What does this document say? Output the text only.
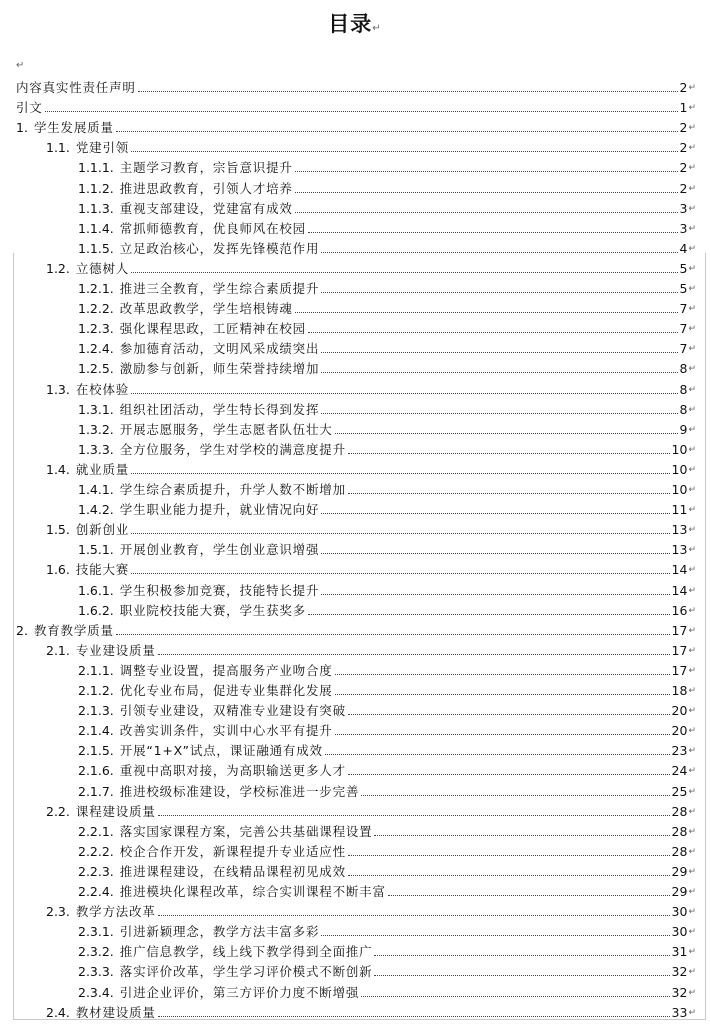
目录↵
↵
内容真实性责任声明	2 ↵
引文	1 ↵
1. 学生发展质量	2 ↵
1.1. 党建引领	2 ↵
1.1.1. 主题学习教育，宗旨意识提升	2 ↵
1.1.2. 推进思政教育，引领人才培养	2 ↵
1.1.3. 重视支部建设，党建富有成效	3 ↵
1.1.4. 常抓师德教育，优良师风在校园	3 ↵
1.1.5. 立足政治核心，发挥先锋模范作用	4 ↵
1.2. 立德树人	5 ↵
1.2.1. 推进三全教育，学生综合素质提升	5 ↵
1.2.2. 改革思政教学，学生培根铸魂	7 ↵
1.2.3. 强化课程思政，工匠精神在校园	7 ↵
1.2.4. 参加德育活动，文明风采成绩突出	7 ↵
1.2.5. 激励参与创新，师生荣誉持续增加	8 ↵
1.3. 在校体验	8 ↵
1.3.1. 组织社团活动，学生特长得到发挥	8 ↵
1.3.2. 开展志愿服务，学生志愿者队伍壮大	9 ↵
1.3.3. 全方位服务，学生对学校的满意度提升	10 ↵
1.4. 就业质量	10 ↵
1.4.1. 学生综合素质提升，升学人数不断增加	10 ↵
1.4.2. 学生职业能力提升，就业情况向好	11 ↵
1.5. 创新创业	13 ↵
1.5.1. 开展创业教育，学生创业意识增强	13 ↵
1.6. 技能大赛	14 ↵
1.6.1. 学生积极参加竞赛，技能特长提升	14 ↵
1.6.2. 职业院校技能大赛，学生获奖多	16 ↵
2. 教育教学质量	17 ↵
2.1. 专业建设质量	17 ↵
2.1.1. 调整专业设置，提高服务产业吻合度	17 ↵
2.1.2. 优化专业布局，促进专业集群化发展	18 ↵
2.1.3. 引领专业建设，双精准专业建设有突破	20 ↵
2.1.4. 改善实训条件，实训中心水平有提升	20 ↵
2.1.5. 开展“1+X”试点，课证融通有成效	23 ↵
2.1.6. 重视中高职对接，为高职输送更多人才	24 ↵
2.1.7. 推进校级标准建设，学校标准进一步完善	25 ↵
2.2. 课程建设质量	28 ↵
2.2.1. 落实国家课程方案，完善公共基础课程设置	28 ↵
2.2.2. 校企合作开发，新课程提升专业适应性	28 ↵
2.2.3. 推进课程建设，在线精品课程初见成效	29 ↵
2.2.4. 推进模块化课程改革，综合实训课程不断丰富	29 ↵
2.3. 教学方法改革	30 ↵
2.3.1. 引进新颖理念，教学方法丰富多彩	30 ↵
2.3.2. 推广信息教学，线上线下教学得到全面推广	31 ↵
2.3.3. 落实评价改革，学生学习评价模式不断创新	32 ↵
2.3.4. 引进企业评价，第三方评价力度不断增强	32 ↵
2.4. 教材建设质量	33 ↵
